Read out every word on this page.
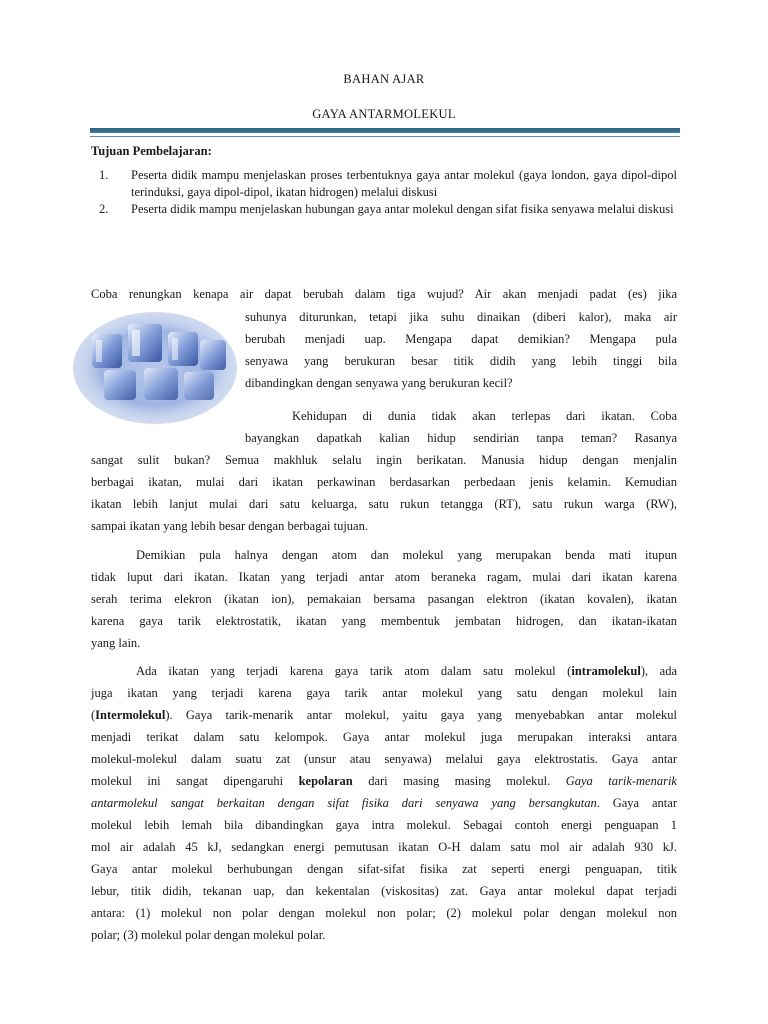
BAHAN AJAR
GAYA ANTARMOLEKUL
Tujuan Pembelajaran:
1. Peserta didik mampu menjelaskan proses terbentuknya gaya antar molekul (gaya london, gaya dipol-dipol terinduksi, gaya dipol-dipol, ikatan hidrogen) melalui diskusi
2. Peserta didik mampu menjelaskan hubungan gaya antar molekul dengan sifat fisika senyawa melalui diskusi
Coba renungkan kenapa air dapat berubah dalam tiga wujud? Air akan menjadi padat (es) jika
suhunya diturunkan, tetapi jika suhu dinaikan (diberi kalor), maka air
berubah menjadi uap. Mengapa dapat demikian? Mengapa pula
senyawa yang berukuran besar titik didih yang lebih tinggi bila
dibandingkan dengan senyawa yang berukuran kecil?
Kehidupan di dunia tidak akan terlepas dari ikatan. Coba
bayangkan dapatkah kalian hidup sendirian tanpa teman? Rasanya
sangat sulit bukan? Semua makhluk selalu ingin berikatan. Manusia hidup dengan menjalin
berbagai ikatan, mulai dari ikatan perkawinan berdasarkan perbedaan jenis kelamin. Kemudian
ikatan lebih lanjut mulai dari satu keluarga, satu rukun tetangga (RT), satu rukun warga (RW),
sampai ikatan yang lebih besar dengan berbagai tujuan.
Demikian pula halnya dengan atom dan molekul yang merupakan benda mati itupun
tidak luput dari ikatan. Ikatan yang terjadi antar atom beraneka ragam, mulai dari ikatan karena
serah terima elekron (ikatan ion), pemakaian bersama pasangan elektron (ikatan kovalen), ikatan
karena gaya tarik elektrostatik, ikatan yang membentuk jembatan hidrogen, dan ikatan-ikatan
yang lain.
Ada ikatan yang terjadi karena gaya tarik atom dalam satu molekul (intramolekul), ada
juga ikatan yang terjadi karena gaya tarik antar molekul yang satu dengan molekul lain
(Intermolekul). Gaya tarik-menarik antar molekul, yaitu gaya yang menyebabkan antar molekul
menjadi terikat dalam satu kelompok. Gaya antar molekul juga merupakan interaksi antara
molekul-molekul dalam suatu zat (unsur atau senyawa) melalui gaya elektrostatis. Gaya antar
molekul ini sangat dipengaruhi kepolaran dari masing masing molekul. Gaya tarik-menarik
antarmolekul sangat berkaitan dengan sifat fisika dari senyawa yang bersangkutan. Gaya antar
molekul lebih lemah bila dibandingkan gaya intra molekul. Sebagai contoh energi penguapan 1
mol air adalah 45 kJ, sedangkan energi pemutusan ikatan O-H dalam satu mol air adalah 930 kJ.
Gaya antar molekul berhubungan dengan sifat-sifat fisika zat seperti energi penguapan, titik
lebur, titik didih, tekanan uap, dan kekentalan (viskositas) zat. Gaya antar molekul dapat terjadi
antara: (1) molekul non polar dengan molekul non polar; (2) molekul polar dengan molekul non
polar; (3) molekul polar dengan molekul polar.
